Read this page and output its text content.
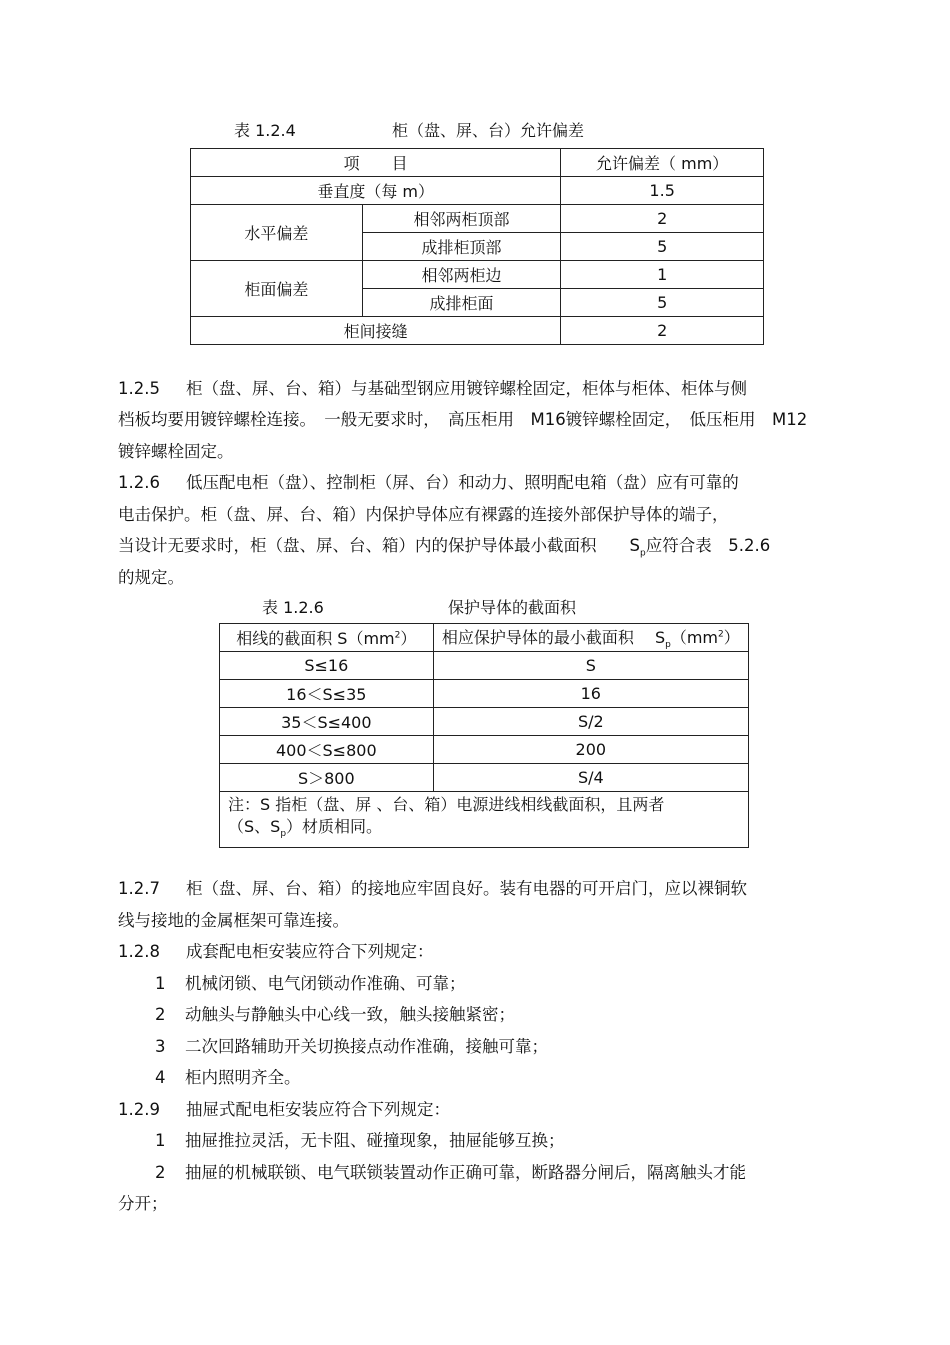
表 1.2.4	柜（盘、屏、台）允许偏差
项　　目		允许偏差（ mm）
垂直度（每 m）		1.5
水平偏差	相邻两柜顶部	2
	成排柜顶部	5
柜面偏差	相邻两柜边	1
	成排柜面	5
柜间接缝		2
1.2.5 柜（盘、屏、台、箱）与基础型钢应用镀锌螺栓固定，柜体与柜体、柜体与侧
档板均要用镀锌螺栓连接。　一般无要求时，　高压柜用　M16镀锌螺栓固定，　低压柜用　M12
镀锌螺栓固定。
1.2.6 低压配电柜（盘）、控制柜（屏、台）和动力、照明配电箱（盘）应有可靠的
电击保护。柜（盘、屏、台、箱）内保护导体应有裸露的连接外部保护导体的端子，
当设计无要求时，柜（盘、屏、台、箱）内的保护导体最小截面积　　$S_p$应符合表　5.2.6
的规定。
表 1.2.6	保护导体的截面积
相线的截面积 $S(mm^2)$	相应保护导体的最小截面积　 $S_p(mm^2)$
S≤16	S
16＜S≤35	16
35＜S≤400	S/2
400＜S≤800	200
S＞800	S/4

注：S 指柜（盘、屏 、台、箱）电源进线相线截面积，且两者
（S、$S_p$）材质相同。	
1.2.7 柜（盘、屏、台、箱）的接地应牢固良好。装有电器的可开启门，应以裸铜软
线与接地的金属框架可靠连接。
1.2.8 成套配电柜安装应符合下列规定：
1 机械闭锁、电气闭锁动作准确、可靠；
2 动触头与静触头中心线一致，触头接触紧密；
3 二次回路辅助开关切换接点动作准确，接触可靠；
4 柜内照明齐全。
1.2.9 抽屉式配电柜安装应符合下列规定：
1 抽屉推拉灵活，无卡阻、碰撞现象，抽屉能够互换；
2 抽屉的机械联锁、电气联锁装置动作正确可靠，断路器分闸后，隔离触头才能
分开；
